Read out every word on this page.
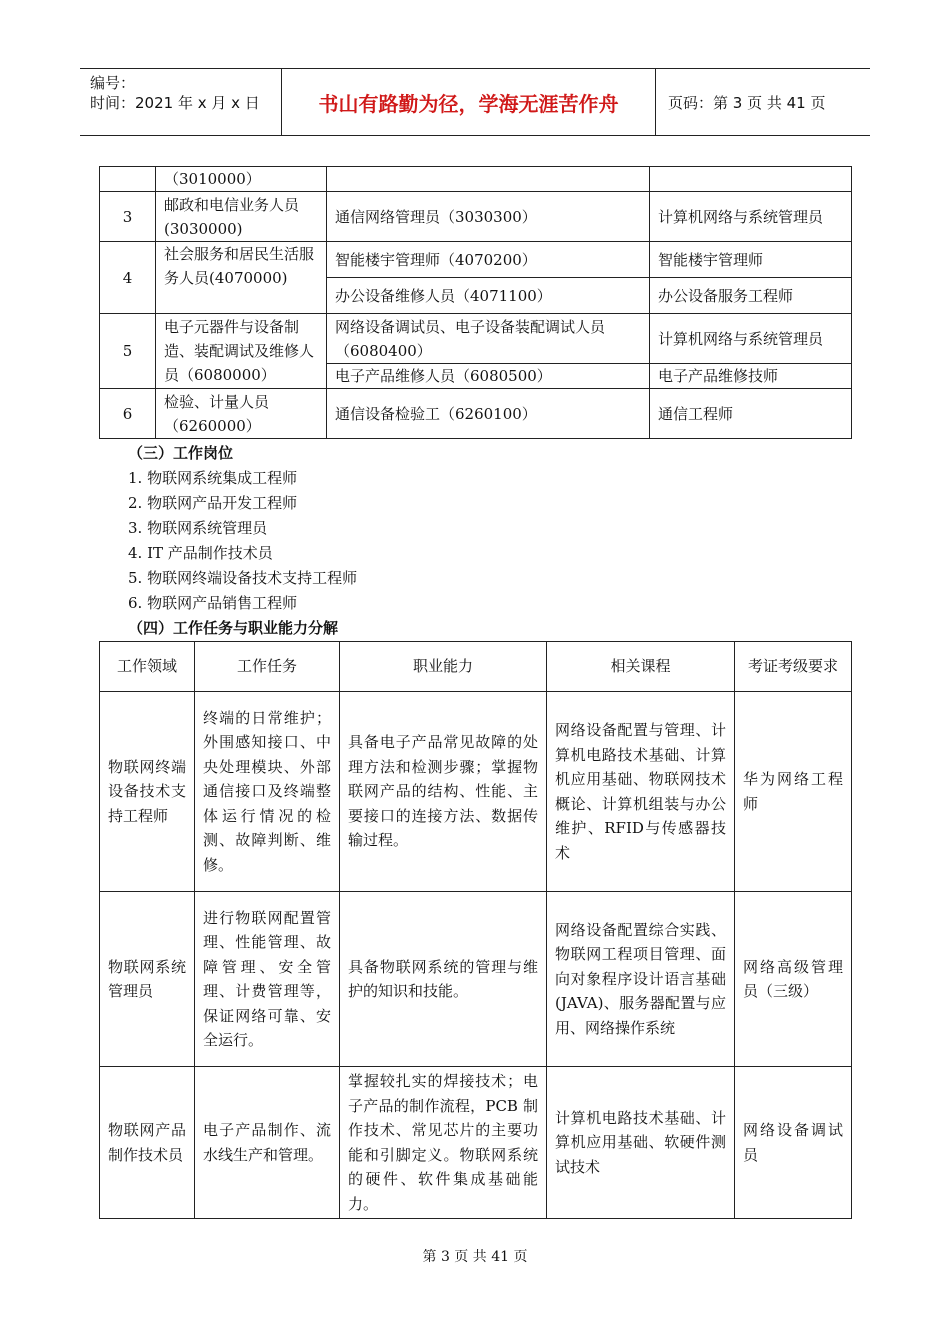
编号：
时间：2021 年 x 月 x 日	书山有路勤为径，学海无涯苦作舟	页码：第 3 页 共 41 页
	（3010000）		
3	邮政和电信业务人员(3030000)	通信网络管理员（3030300）	计算机网络与系统管理员
4	社会服务和居民生活服务人员(4070000)	智能楼宇管理师（4070200）	智能楼宇管理师
		办公设备维修人员（4071100）	办公设备服务工程师
5	电子元器件与设备制造、装配调试及维修人员（6080000）	网络设备调试员、电子设备装配调试人员（6080400）	计算机网络与系统管理员
		电子产品维修人员（6080500）	电子产品维修技师
6	检验、计量人员（6260000）	通信设备检验工（6260100）	通信工程师
（三）工作岗位
1. 物联网系统集成工程师
2. 物联网产品开发工程师
3. 物联网系统管理员
4. IT 产品制作技术员
5. 物联网终端设备技术支持工程师
6. 物联网产品销售工程师
（四）工作任务与职业能力分解
工作领域	工作任务	职业能力	相关课程	考证考级要求
物联网终端设备技术支持工程师	终端的日常维护；外围感知接口、中央处理模块、外部通信接口及终端整体运行情况的检测、故障判断、维修。	具备电子产品常见故障的处理方法和检测步骤；掌握物联网产品的结构、性能、主要接口的连接方法、数据传输过程。	网络设备配置与管理、计算机电路技术基础、计算机应用基础、物联网技术概论、计算机组装与办公维护、RFID与传感器技术	华为网络工程师
物联网系统管理员	进行物联网配置管理、性能管理、故障管理、安全管理、计费管理等，保证网络可靠、安全运行。	具备物联网系统的管理与维护的知识和技能。	网络设备配置综合实践、物联网工程项目管理、面向对象程序设计语言基础(JAVA)、服务器配置与应用、网络操作系统	网络高级管理员（三级）
物联网产品制作技术员	电子产品制作、流水线生产和管理。	掌握较扎实的焊接技术；电子产品的制作流程，PCB 制作技术、常见芯片的主要功能和引脚定义。物联网系统的硬件、软件集成基础能力。	计算机电路技术基础、计算机应用基础、软硬件测试技术	网络设备调试员
第 3 页 共 41 页
